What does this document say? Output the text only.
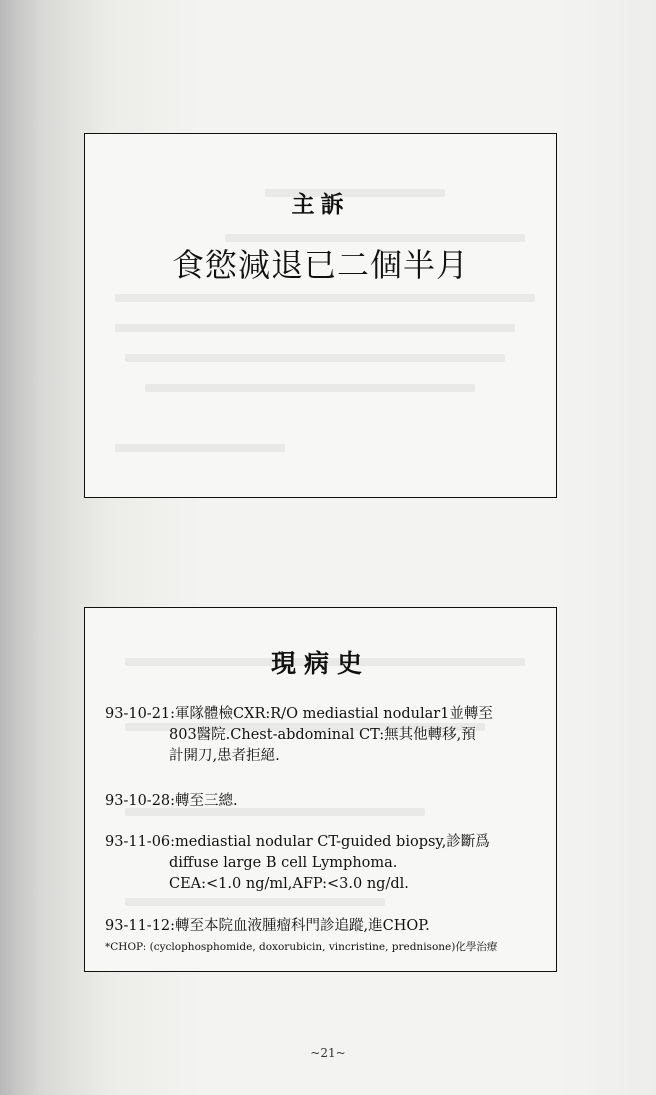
主訴
食慾減退已二個半月
現病史
93-10-21:軍隊體檢CXR:R/O mediastial nodular1並轉至
803醫院.Chest-abdominal CT:無其他轉移,預
計開刀,患者拒絕.
93-10-28:轉至三總.
93-11-06:mediastial nodular CT-guided biopsy,診斷爲
diffuse large B cell Lymphoma.
CEA:<1.0 ng/ml,AFP:<3.0 ng/dl.
93-11-12:轉至本院血液腫瘤科門診追蹤,進CHOP.
*CHOP: (cyclophosphomide, doxorubicin, vincristine, prednisone)化學治療
~21~
